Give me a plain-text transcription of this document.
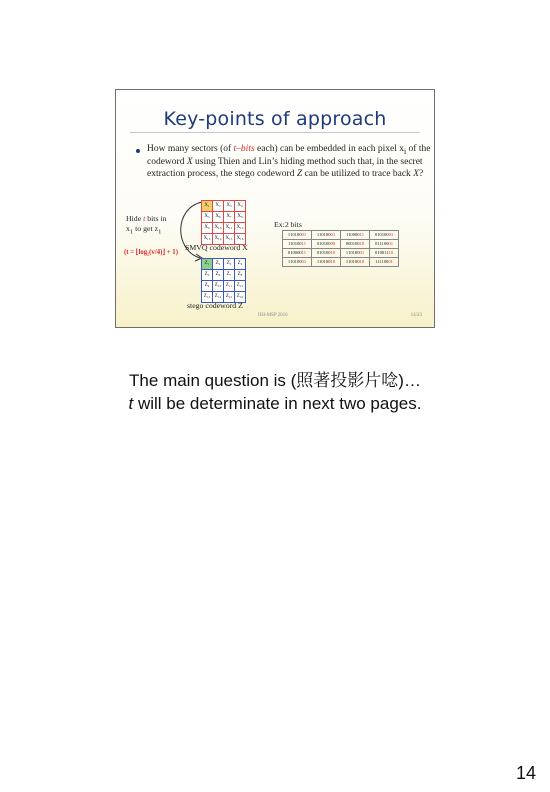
Key-points of approach
How many sectors (of t–bits each) can be embedded in each pixel $x_i$ of the codeword X using Thien and Lin’s hiding method such that, in the secret extraction process, the stego codeword Z can be utilized to trace back X?
Hide t bits in
$x_1$ to get $z_1$
(t = ⌊log₂(v/4)⌋ + 1)
X₁	X₂	X₃	X₄
X₅	X₆	X₇	X₈
X₉ X₁₀ X₁₁ X₁₂
X₁₃ X₁₄ X₁₅ X₁₆
SMVQ codeword X
Z₁	Z₂	Z₃	Z₄
Z₅	Z₆	Z₇	Z₈
Z₉	Z₁₀ Z₁₁ Z₁₂
Z₁₃ Z₁₄ Z₁₅ Z₁₆
stego codeword Z
Ex:2 bits
11010001	11010001	11000011	01010001
11010011	01010000	00010010	01110001
01000011	01010010	11010001	01001110
11010001	11010010	11010010	11110001
IIH-MSP 2016	14/23
The main question is (照著投影片唸)…
t will be determinate in next two pages.
14
